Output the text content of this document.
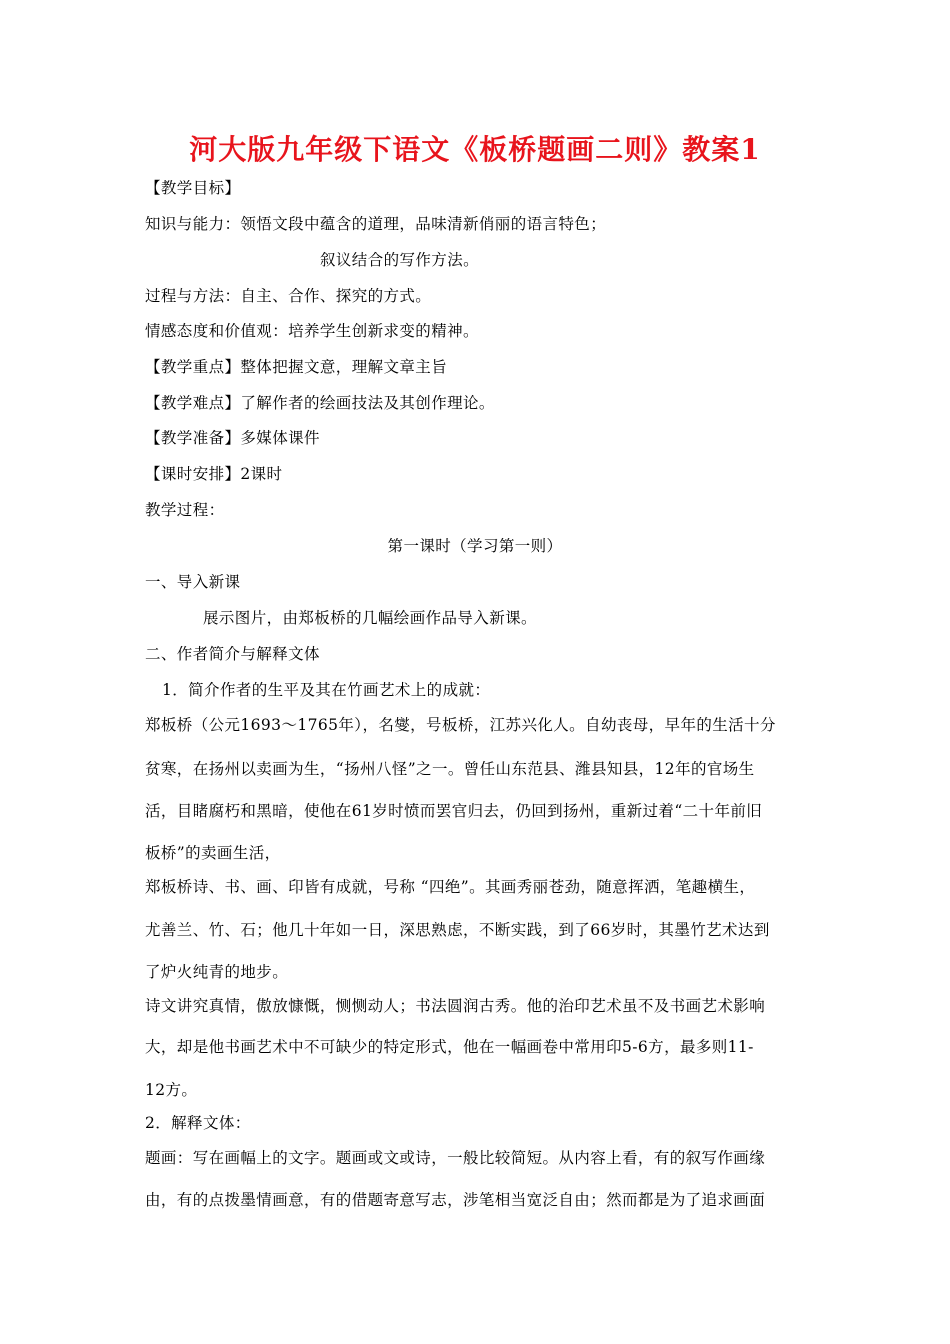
河大版九年级下语文《板桥题画二则》教案1
【教学目标】
知识与能力：领悟文段中蕴含的道理，品味清新俏丽的语言特色；
叙议结合的写作方法。
过程与方法：自主、合作、探究的方式。
情感态度和价值观：培养学生创新求变的精神。
【教学重点】整体把握文意，理解文章主旨
【教学难点】了解作者的绘画技法及其创作理论。
【教学准备】多媒体课件
【课时安排】2课时
教学过程：
第一课时（学习第一则）
一、导入新课
展示图片，由郑板桥的几幅绘画作品导入新课。
二、作者简介与解释文体
1．简介作者的生平及其在竹画艺术上的成就：
郑板桥（公元1693～1765年），名燮，号板桥，江苏兴化人。自幼丧母，早年的生活十分
贫寒，在扬州以卖画为生，“扬州八怪”之一。曾任山东范县、潍县知县，12年的官场生
活，目睹腐朽和黑暗，使他在61岁时愤而罢官归去，仍回到扬州，重新过着“二十年前旧
板桥”的卖画生活，
郑板桥诗、书、画、印皆有成就，号称 “四绝”。其画秀丽苍劲，随意挥洒，笔趣横生，
尤善兰、竹、石；他几十年如一日，深思熟虑，不断实践，到了66岁时，其墨竹艺术达到
了炉火纯青的地步。
诗文讲究真情，傲放慷慨，恻恻动人；书法圆润古秀。他的治印艺术虽不及书画艺术影响
大，却是他书画艺术中不可缺少的特定形式，他在一幅画卷中常用印5-6方，最多则11-
12方。
2．解释文体：
题画：写在画幅上的文字。题画或文或诗，一般比较简短。从内容上看，有的叙写作画缘
由，有的点拨墨情画意，有的借题寄意写志，涉笔相当宽泛自由；然而都是为了追求画面
